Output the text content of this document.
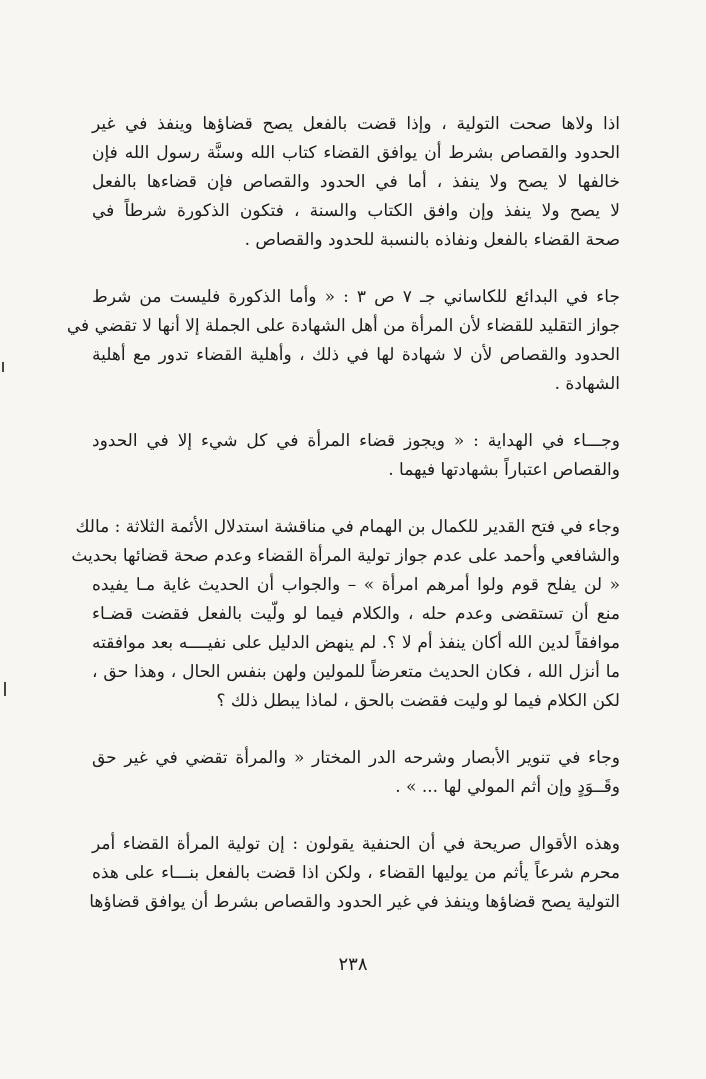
اذا ولاها صحت التولية ، وإذا قضت بالفعل يصح قضاؤها وينفذ في غير
الحدود والقصاص بشرط أن يوافق القضاء كتاب الله وسنَّة رسول الله فإن
خالفها لا يصح ولا ينفذ ، أما في الحدود والقصاص فإن قضاءها بالفعل
لا يصح ولا ينفذ وإن وافق الكتاب والسنة ، فتكون الذكورة شرطاً في
صحة القضاء بالفعل ونفاذه بالنسبة للحدود والقصاص .
جاء في البدائع للكاساني جـ ٧ ص ٣ : « وأما الذكورة فليست من شرط
جواز التقليد للقضاء لأن المرأة من أهل الشهادة على الجملة إلا أنها لا تقضي في
الحدود والقصاص لأن لا شهادة لها في ذلك ، وأهلية القضاء تدور مع أهلية
الشهادة .
وجـــاء في الهداية : « ويجوز قضاء المرأة في كل شيء إلا في الحدود
والقصاص اعتباراً بشهادتها فيهما .
وجاء في فتح القدير للكمال بن الهمام في مناقشة استدلال الأئمة الثلاثة : مالك
والشافعي وأحمد على عدم جواز تولية المرأة القضاء وعدم صحة قضائها بحديث
« لن يفلح قوم ولوا أمرهم امرأة » – والجواب أن الحديث غاية مـا يفيده
منع أن تستقضى وعدم حله ، والكلام فيما لو ولّيت بالفعل فقضت قضـاء
موافقاً لدين الله أكان ينفذ أم لا ؟. لم ينهض الدليل على نفيــــه بعد موافقته
ما أنزل الله ، فكان الحديث متعرضاً للمولين ولهن بنفس الحال ، وهذا حق ،
لكن الكلام فيما لو وليت فقضت بالحق ، لماذا يبطل ذلك ؟
وجاء في تنوير الأبصار وشرحه الدر المختار « والمرأة تقضي في غير حق
وقَــوَدٍ وإن أثم المولي لها ... » .
وهذه الأقوال صريحة في أن الحنفية يقولون : إن تولية المرأة القضاء أمر
محرم شرعاً يأثم من يوليها القضاء ، ولكن اذا قضت بالفعل بنـــاء على هذه
التولية يصح قضاؤها وينفذ في غير الحدود والقصاص بشرط أن يوافق قضاؤها
٢٣٨
